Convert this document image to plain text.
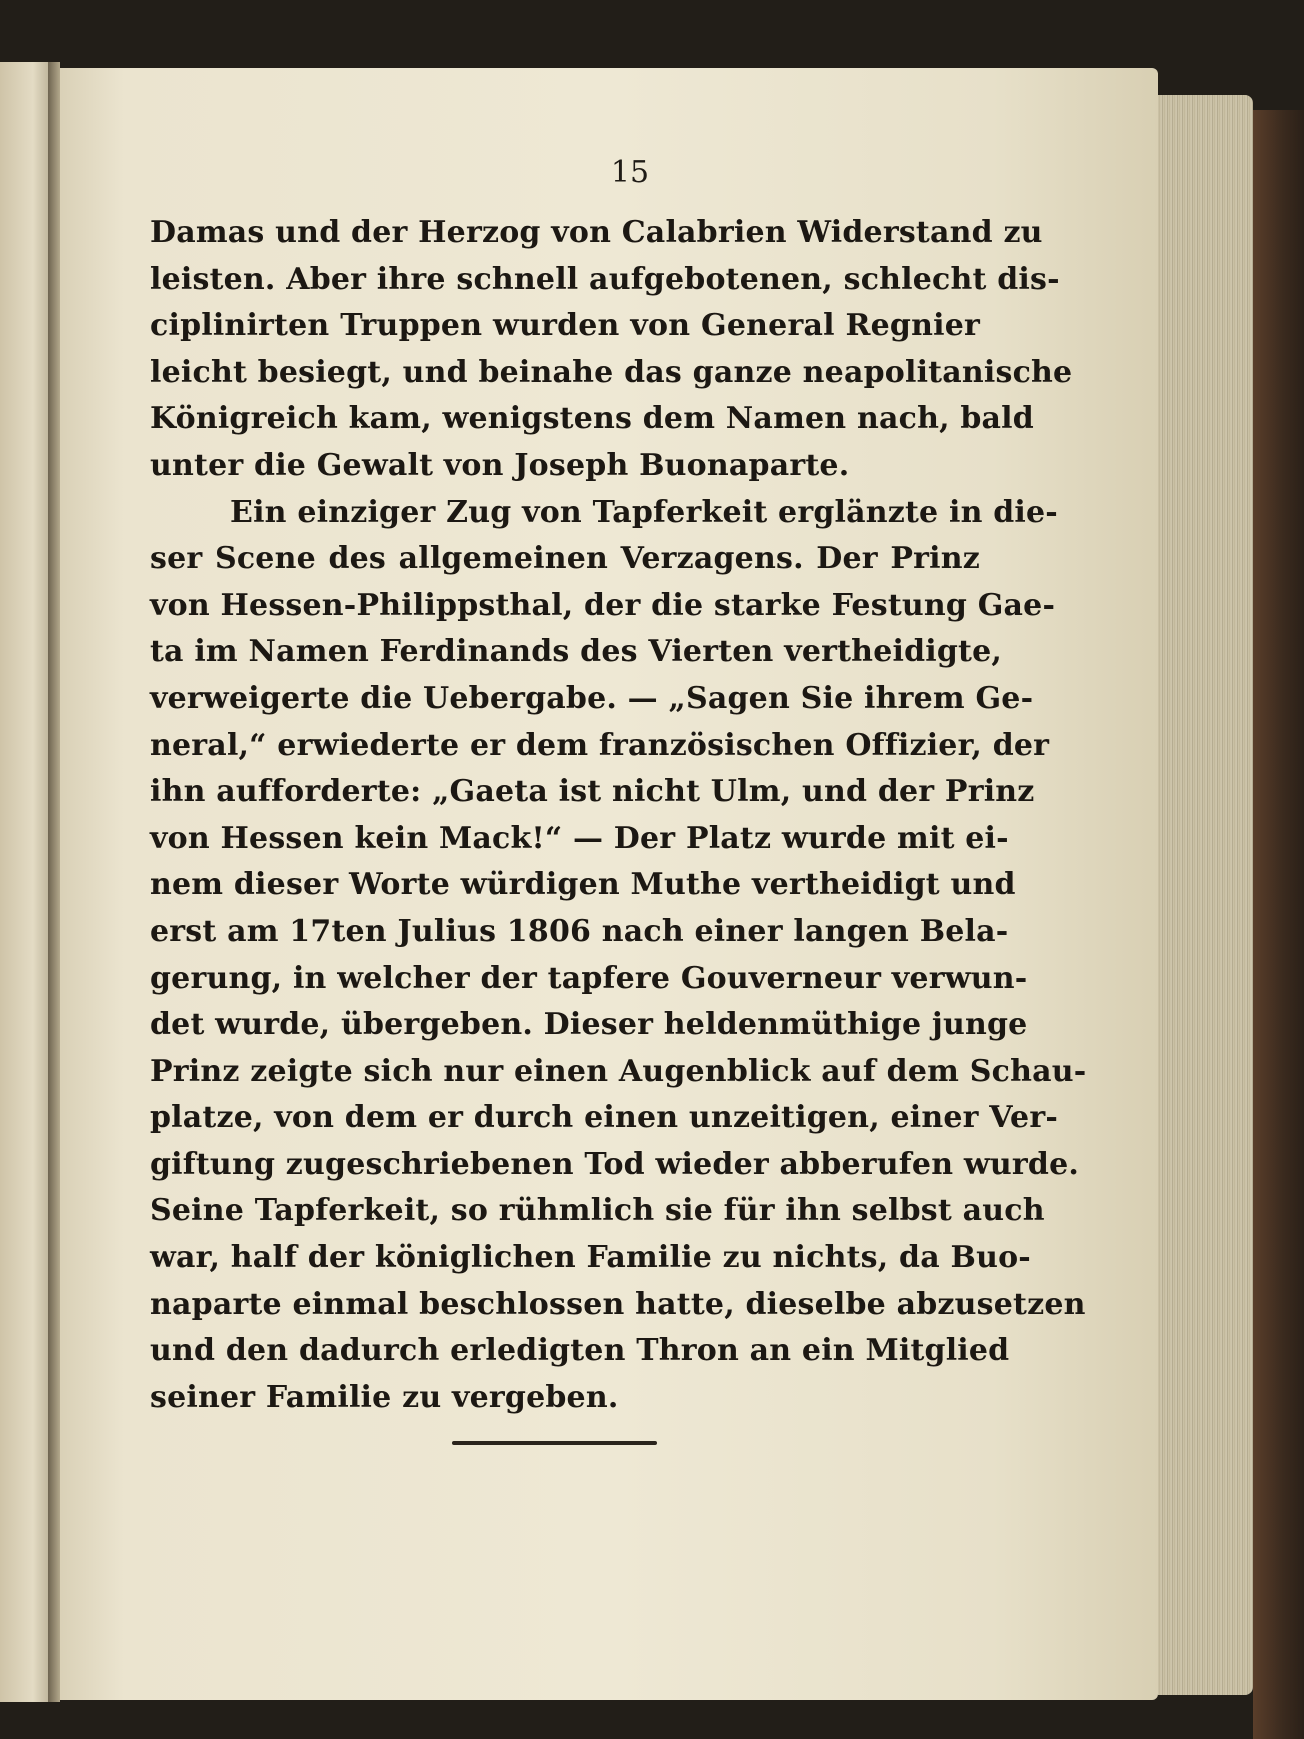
15
Damas und der Herzog von Calabrien Widerstand zu
leisten. Aber ihre schnell aufgebotenen, schlecht dis-
ciplinirten Truppen wurden von General Regnier
leicht besiegt, und beinahe das ganze neapolitanische
Königreich kam, wenigstens dem Namen nach, bald
unter die Gewalt von Joseph Buonaparte.
Ein einziger Zug von Tapferkeit erglänzte in die-
ser Scene des allgemeinen Verzagens. Der Prinz
von Hessen-Philippsthal, der die starke Festung Gae-
ta im Namen Ferdinands des Vierten vertheidigte,
verweigerte die Uebergabe. — „Sagen Sie ihrem Ge-
neral,“ erwiederte er dem französischen Offizier, der
ihn aufforderte: „Gaeta ist nicht Ulm, und der Prinz
von Hessen kein Mack!“ — Der Platz wurde mit ei-
nem dieser Worte würdigen Muthe vertheidigt und
erst am 17ten Julius 1806 nach einer langen Bela-
gerung, in welcher der tapfere Gouverneur verwun-
det wurde, übergeben. Dieser heldenmüthige junge
Prinz zeigte sich nur einen Augenblick auf dem Schau-
platze, von dem er durch einen unzeitigen, einer Ver-
giftung zugeschriebenen Tod wieder abberufen wurde.
Seine Tapferkeit, so rühmlich sie für ihn selbst auch
war, half der königlichen Familie zu nichts, da Buo-
naparte einmal beschlossen hatte, dieselbe abzusetzen
und den dadurch erledigten Thron an ein Mitglied
seiner Familie zu vergeben.
